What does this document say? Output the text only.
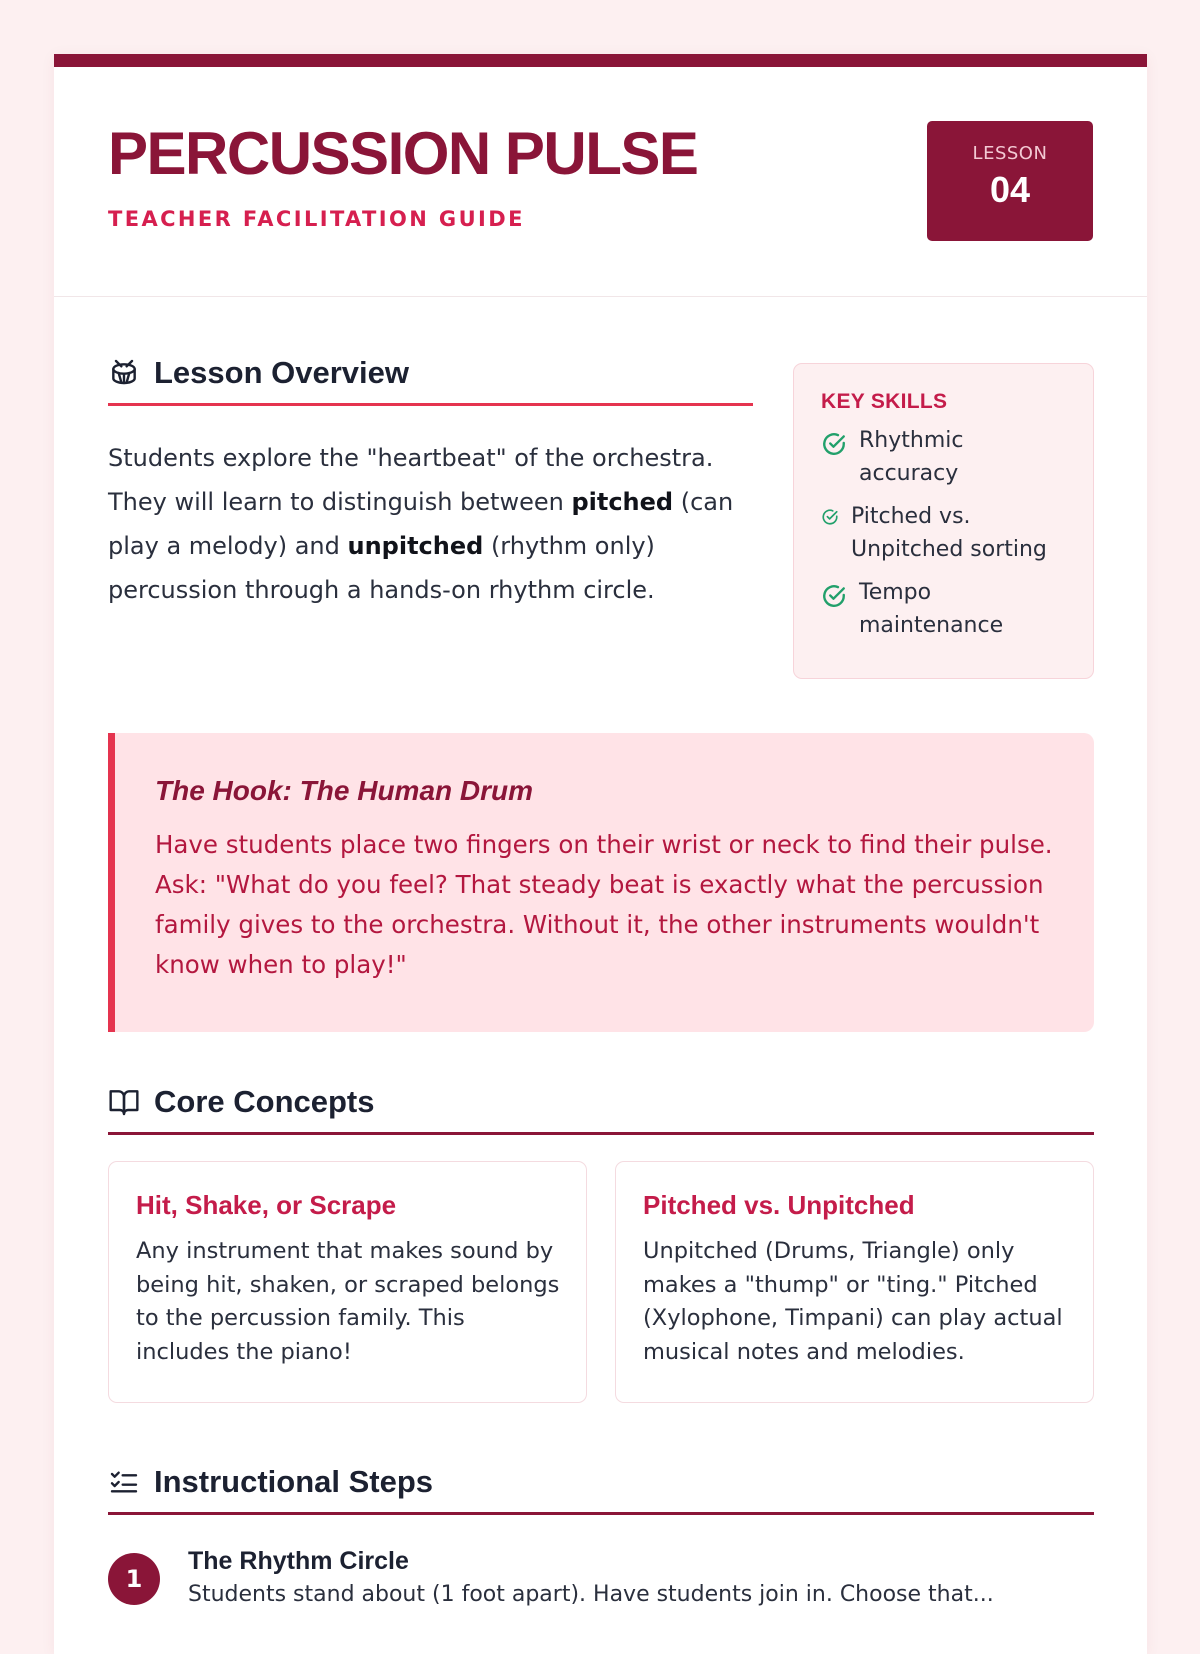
PERCUSSION PULSE
TEACHER FACILITATION GUIDE
LESSON
04
Lesson Overview

Students explore the "heartbeat" of the orchestra. They will learn to distinguish between pitched (can play a melody) and unpitched (rhythm only) percussion through a hands-on rhythm circle.

KEY SKILLS
Rhythmic accuracy
Pitched vs. Unpitched sorting
Tempo maintenance
The Hook: The Human Drum

Have students place two fingers on their wrist or neck to find their pulse. Ask: "What do you feel? That steady beat is exactly what the percussion family gives to the orchestra. Without it, the other instruments wouldn't know when to play!"

Core Concepts
Hit, Shake, or Scrape

Any instrument that makes sound by being hit, shaken, or scraped belongs to the percussion family. This includes the piano!

Pitched vs. Unpitched

Unpitched (Drums, Triangle) only makes a "thump" or "ting." Pitched (Xylophone, Timpani) can play actual musical notes and melodies.

Instructional Steps
1
The Rhythm Circle
Students stand about (1 foot apart). Have students join in. Choose that...
